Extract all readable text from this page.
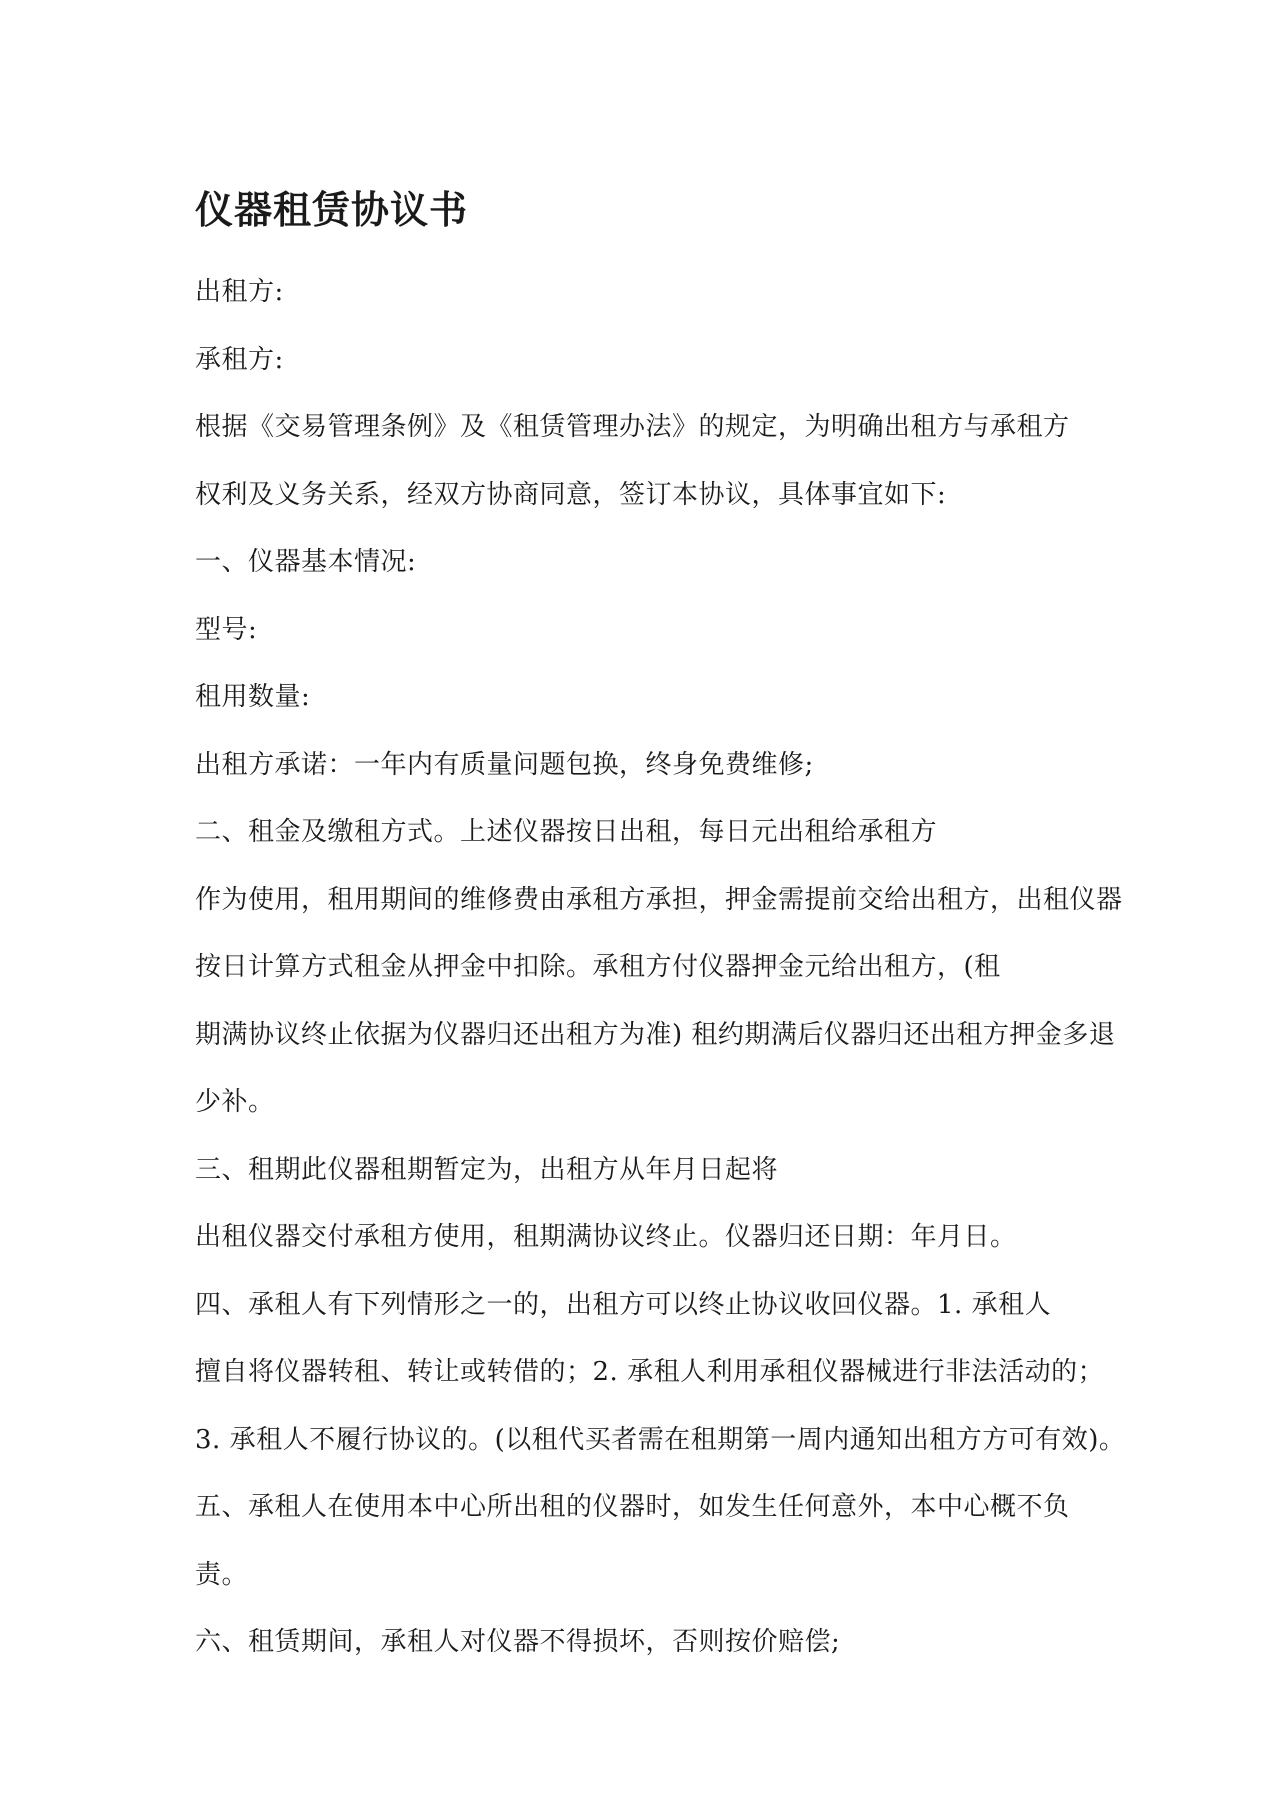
仪器租赁协议书
出租方:
承租方:
根据《交易管理条例》及《租赁管理办法》的规定，为明确出租方与承租方
权利及义务关系，经双方协商同意，签订本协议，具体事宜如下:
一、仪器基本情况:
型号:
租用数量:
出租方承诺：一年内有质量问题包换，终身免费维修;
二、租金及缴租方式。上述仪器按日出租，每日元出租给承租方
作为使用，租用期间的维修费由承租方承担，押金需提前交给出租方，出租仪器
按日计算方式租金从押金中扣除。承租方付仪器押金元给出租方，(租
期满协议终止依据为仪器归还出租方为准) 租约期满后仪器归还出租方押金多退
少补。
三、租期此仪器租期暂定为，出租方从年月日起将
出租仪器交付承租方使用，租期满协议终止。仪器归还日期：年月日。
四、承租人有下列情形之一的，出租方可以终止协议收回仪器。1. 承租人
擅自将仪器转租、转让或转借的；2. 承租人利用承租仪器械进行非法活动的；
3. 承租人不履行协议的。(以租代买者需在租期第一周内通知出租方方可有效)。
五、承租人在使用本中心所出租的仪器时，如发生任何意外，本中心概不负
责。
六、租赁期间，承租人对仪器不得损坏，否则按价赔偿;
